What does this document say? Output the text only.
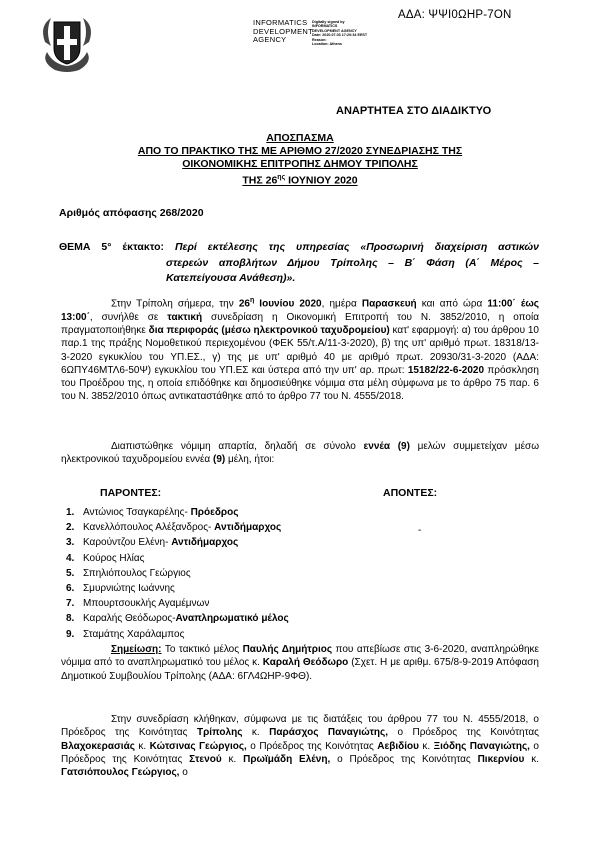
ΑΔΑ: ΨΨΙ0ΩΗΡ-7ΟΝ
INFORMATICS
DEVELOPMENT
AGENCY
Digitally signed by
INFORMATICS
DEVELOPMENT AGENCY
Date: 2020.07.03 17:20:34 EEST
Reason:
Location: Athens
ΑΝΑΡΤΗΤΕΑ ΣΤΟ ΔΙΑΔΙΚΤΥΟ
ΑΠΟΣΠΑΣΜΑ
ΑΠΟ ΤΟ ΠΡΑΚΤΙΚΟ ΤΗΣ ΜΕ ΑΡΙΘΜΟ 27/2020 ΣΥΝΕΔΡΙΑΣΗΣ ΤΗΣ
ΟΙΚΟΝΟΜΙΚΗΣ ΕΠΙΤΡΟΠΗΣ ΔΗΜΟΥ ΤΡΙΠΟΛΗΣ
ΤΗΣ $26^{\eta\varsigma}$ ΙΟΥΝΙΟΥ 2020
Αριθμός απόφασης 268/2020
ΘΕΜΑ 5° έκτακτο: Περί εκτέλεσης της υπηρεσίας «Προσωρινή διαχείριση αστικών
στερεών αποβλήτων Δήμου Τρίπολης – Β΄ Φάση (Α΄ Μέρος –
Κατεπείγουσα Ανάθεση)».
Στην Τρίπολη σήμερα, την $26^\eta$ Ιουνίου 2020, ημέρα Παρασκευή και από ώρα 11:00΄ έως 13:00΄, συνήλθε σε τακτική συνεδρίαση η Οικονομική Επιτροπή του Ν. 3852/2010, η οποία πραγματοποιήθηκε δια περιφοράς (μέσω ηλεκτρονικού ταχυδρομείου) κατ' εφαρμογή: α) του άρθρου 10 παρ.1 της πράξης Νομοθετικού περιεχομένου (ΦΕΚ 55/τ.Α/11-3-2020), β) της υπ' αριθμό πρωτ. 18318/13-3-2020 εγκυκλίου του ΥΠ.ΕΣ., γ) της με υπ' αριθμό 40 με αριθμό πρωτ. 20930/31-3-2020 (ΑΔΑ: 6ΩΠΥ46ΜΤΛ6-50Ψ) εγκυκλίου του ΥΠ.ΕΣ και ύστερα από την υπ' αρ. πρωτ: 15182/22-6-2020 πρόσκληση του Προέδρου της, η οποία επιδόθηκε και δημοσιεύθηκε νόμιμα στα μέλη σύμφωνα με το άρθρο 75 παρ. 6 του Ν. 3852/2010 όπως αντικαταστάθηκε από το άρθρο 77 του Ν. 4555/2018.
Διαπιστώθηκε νόμιμη απαρτία, δηλαδή σε σύνολο εννέα (9) μελών συμμετείχαν μέσω ηλεκτρονικού ταχυδρομείου εννέα (9) μέλη, ήτοι:
ΠΑΡΟΝΤΕΣ:	ΑΠΟΝΤΕΣ:
-
1. Αντώνιος Τσαγκαρέλης- Πρόεδρος
2. Κανελλόπουλος Αλέξανδρος- Αντιδήμαρχος
3. Καρούντζου Ελένη- Αντιδήμαρχος
4. Κούρος Ηλίας
5. Σπηλιόπουλος Γεώργιος
6. Σμυρνιώτης Ιωάννης
7. Μπουρτσουκλής Αγαμέμνων
8. Καραλής Θεόδωρος-Αναπληρωματικό μέλος
9. Σταμάτης Χαράλαμπος
Σημείωση: Το τακτικό μέλος Παυλής Δημήτριος που απεβίωσε στις 3-6-2020, αναπληρώθηκε νόμιμα από το αναπληρωματικό του μέλος κ. Καραλή Θεόδωρο (Σχετ. Η με αριθμ. 675/8-9-2019 Απόφαση Δημοτικού Συμβουλίου Τρίπολης (ΑΔΑ: 6ΓΛ4ΩΗΡ-9ΦΘ).
Στην συνεδρίαση κλήθηκαν, σύμφωνα με τις διατάξεις του άρθρου 77 του Ν. 4555/2018, ο Πρόεδρος της Κοινότητας Τρίπολης κ. Παράσχος Παναγιώτης, ο Πρόεδρος της Κοινότητας Βλαχοκερασιάς κ. Κώτσινας Γεώργιος, ο Πρόεδρος της Κοινότητας Αεβιδίου κ. Ξιόδης Παναγιώτης, ο Πρόεδρος της Κοινότητας Στενού κ. Πρωϊμάδη Ελένη, ο Πρόεδρος της Κοινότητας Πικερνίου κ. Γατσιόπουλος Γεώργιος, ο
